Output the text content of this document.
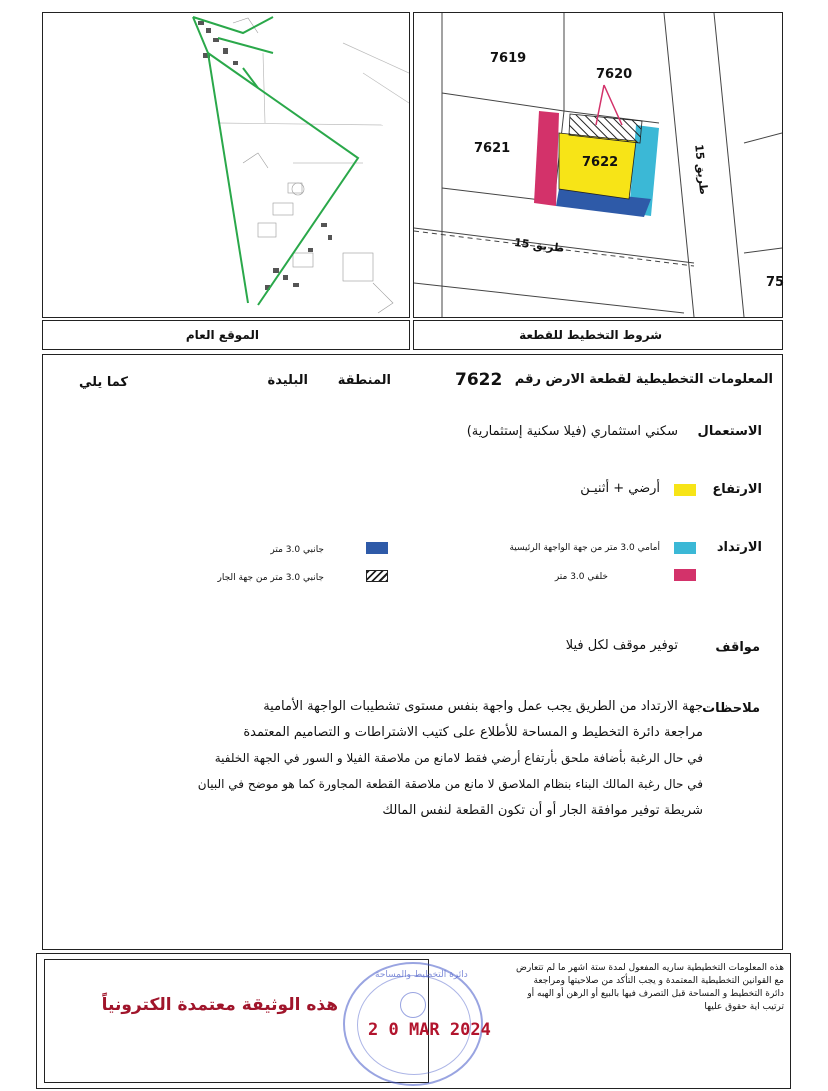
7619
7620
7621
7622
75
طريق 15
طريق 15
الموقع العام	شروط التخطيط للقطعة
المعلومات التخطيطية لقطعة الارض رقم
7622
المنطقة
البليدة
كما يلي
الاستعمال
سكني استثماري (فيلا سكنية إستثمارية)
الارتفاع
أرضي + أثنيـن
الارتداد
أمامي 3.0 متر من جهة الواجهة الرئيسية
جانبي 3.0 متر
خلفي 3.0 متر
جانبي 3.0 متر من جهة الجار
مواقف
توفير موقف لكل فيلا
ملاحظات
جهة الارتداد من الطريق يجب عمل واجهة بنفس مستوى تشطيبات الواجهة الأمامية
مراجعة دائرة التخطيط و المساحة للأطلاع على كتيب الاشتراطات و التصاميم المعتمدة
في حال الرغبة بأضافة ملحق بأرتفاع أرضي فقط لامانع من ملاصقة الفيلا و السور في الجهة الخلفية
في حال رغبة المالك البناء بنظام الملاصق لا مانع من ملاصقة القطعة المجاورة كما هو موضح في البيان
شريطة توفير موافقة الجار أو أن تكون القطعة لنفس المالك
هذه المعلومات التخطيطية ساريه المفعول لمدة ستة اشهر ما لم تتعارض
مع القوانين التخطيطية المعتمدة و يجب التأكد من صلاحيتها ومراجعة
دائرة التخطيط و المساحة قبل التصرف فيها بالبيع أو الرهن أو الهبه أو
ترتيب اية حقوق عليها
دائرة التخطيط والمساحة
2 0 MAR 2024
هذه الوثيقة معتمدة الكترونياً
